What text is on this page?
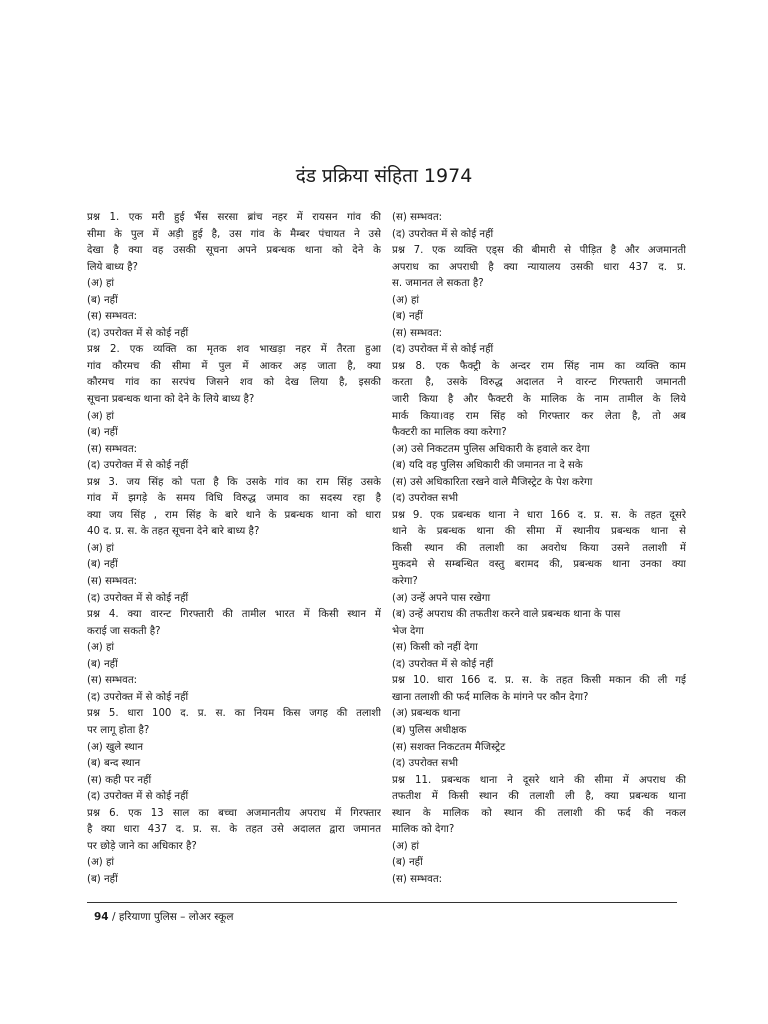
दंड प्रक्रिया संहिता 1974
प्रश्न 1. एक मरी हुई भैंस सरसा ब्रांच नहर में रायसन गांव की
सीमा के पुल में अड़ी हुई है, उस गांव के मैम्बर पंचायत ने उसे
देखा है क्या वह उसकी सूचना अपने प्रबन्धक थाना को देने के
लिये बाध्य है?
(अ) हां
(ब) नहीं
(स) सम्भवत:
(द) उपरोक्त में से कोई नहीं
प्रश्न 2. एक व्यक्ति का मृतक शव भाखड़ा नहर में तैरता हुआ
गांव कौरमच की सीमा में पुल में आकर अड़ जाता है, क्या
कौरमच गांव का सरपंच जिसने शव को देख लिया है, इसकी
सूचना प्रबन्धक थाना को देने के लिये बाध्य है?
(अ) हां
(ब) नहीं
(स) सम्भवत:
(द) उपरोक्त में से कोई नहीं
प्रश्न 3. जय सिंह को पता है कि उसके गांव का राम सिंह उसके
गांव में झगड़े के समय विधि विरुद्ध जमाव का सदस्य रहा है
क्या जय सिंह , राम सिंह के बारे थाने के प्रबन्धक थाना को धारा
40 द. प्र. स. के तहत सूचना देने बारे बाध्य है?
(अ) हां
(ब) नहीं
(स) सम्भवत:
(द) उपरोक्त में से कोई नहीं
प्रश्न 4. क्या वारन्ट गिरफ्तारी की तामील भारत में किसी स्थान में
कराई जा सकती है?
(अ) हां
(ब) नहीं
(स) सम्भवत:
(द) उपरोक्त में से कोई नहीं
प्रश्न 5. धारा 100 द. प्र. स. का नियम किस जगह की तलाशी
पर लागू होता है?
(अ) खुले स्थान
(ब) बन्द स्थान
(स) कही पर नहीं
(द) उपरोक्त में से कोई नहीं
प्रश्न 6. एक 13 साल का बच्चा अजमानतीय अपराध में गिरफ्तार
है क्या धारा 437 द. प्र. स. के तहत उसे अदालत द्वारा जमानत
पर छोड़े जाने का अधिकार है?
(अ) हां
(ब) नहीं
(स) सम्भवत:
(द) उपरोक्त में से कोई नहीं
प्रश्न 7. एक व्यक्ति एड्स की बीमारी से पीड़ित है और अजमानती
अपराध का अपराधी है क्या न्यायालय उसकी धारा 437 द. प्र.
स. जमानत ले सकता है?
(अ) हां
(ब) नहीं
(स) सम्भवत:
(द) उपरोक्त में से कोई नहीं
प्रश्न 8. एक फैक्ट्री के अन्दर राम सिंह नाम का व्यक्ति काम
करता है, उसके विरुद्ध अदालत ने वारन्ट गिरफ्तारी जमानती
जारी किया है और फैक्टरी के मालिक के नाम तामील के लिये
मार्क किया।वह राम सिंह को गिरफ्तार कर लेता है, तो अब
फैक्टरी का मालिक क्या करेगा?
(अ) उसे निकटतम पुलिस अधिकारी के हवाले कर देगा
(ब) यदि वह पुलिस अधिकारी की जमानत ना दे सके
(स) उसे अधिकारिता रखने वाले मैजिस्ट्रेट के पेश करेगा
(द) उपरोक्त सभी
प्रश्न 9. एक प्रबन्धक थाना ने धारा 166 द. प्र. स. के तहत दूसरे
थाने के प्रबन्धक थाना की सीमा में स्थानीय प्रबन्धक थाना से
किसी स्थान की तलाशी का अवरोध किया उसने तलाशी में
मुकदमे से सम्बन्धित वस्तु बरामद की, प्रबन्धक थाना उनका क्या
करेगा?
(अ) उन्हें अपने पास रखेगा
(ब) उन्हें अपराध की तफतीश करने वाले प्रबन्धक थाना के पास
भेज देगा
(स) किसी को नहीं देगा
(द) उपरोक्त में से कोई नहीं
प्रश्न 10. धारा 166 द. प्र. स. के तहत किसी मकान की ली गई
खाना तलाशी की फर्द मालिक के मांगने पर कौन देगा?
(अ) प्रबन्धक थाना
(ब) पुलिस अधीक्षक
(स) सशक्त निकटतम मैजिस्ट्रेट
(द) उपरोक्त सभी
प्रश्न 11. प्रबन्धक थाना ने दूसरे थाने की सीमा में अपराध की
तफतीश में किसी स्थान की तलाशी ली है, क्या प्रबन्धक थाना
स्थान के मालिक को स्थान की तलाशी की फर्द की नकल
मालिक को देगा?
(अ) हां
(ब) नहीं
(स) सम्भवत:
94 / हरियाणा पुलिस – लोअर स्कूल
